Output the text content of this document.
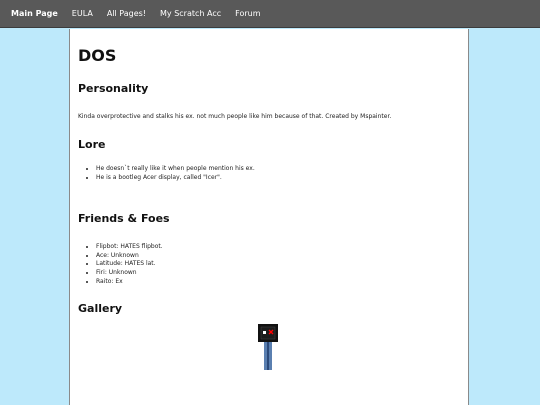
Main Page	EULA	All Pages!	My Scratch Acc	Forum
DOS
Personality

Kinda overprotective and stalks his ex. not much people like him because of that. Created by Mspainter.

Lore
• He doesn`t really like it when people mention his ex.
• He is a bootleg Acer display, called "Icer".
Friends & Foes
• Flipbot: HATES flipbot.
• Ace: Unknown
• Latitude: HATES lat.
• Firi: Unknown
• Raito: Ex
Gallery
